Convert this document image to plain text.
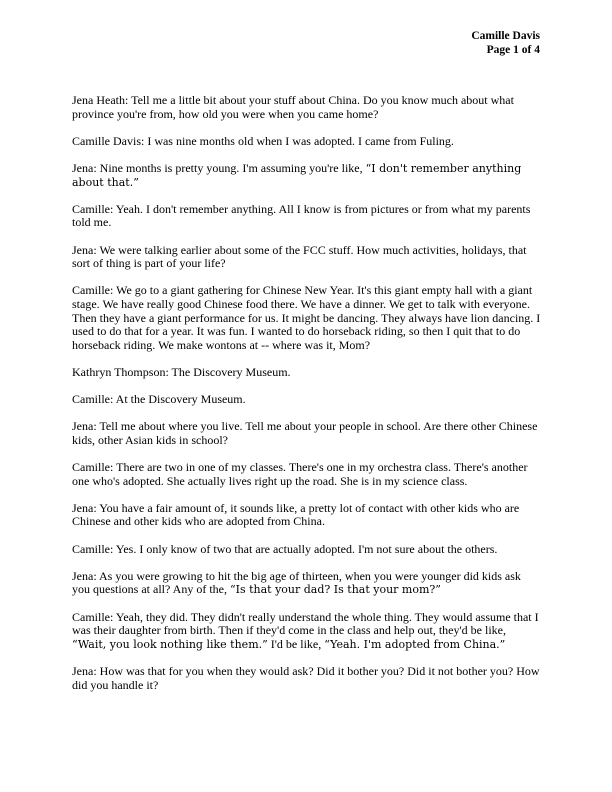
Camille Davis
Page 1 of 4

Jena Heath: Tell me a little bit about your stuff about China. Do you know much about what province you're from, how old you were when you came home?

Camille Davis: I was nine months old when I was adopted. I came from Fuling.

Jena: Nine months is pretty young. I'm assuming you're like, “I don't remember anything about that.”

Camille: Yeah. I don't remember anything. All I know is from pictures or from what my parents told me.

Jena: We were talking earlier about some of the FCC stuff. How much activities, holidays, that sort of thing is part of your life?

Camille: We go to a giant gathering for Chinese New Year. It's this giant empty hall with a giant stage. We have really good Chinese food there. We have a dinner. We get to talk with everyone. Then they have a giant performance for us. It might be dancing. They always have lion dancing. I used to do that for a year. It was fun. I wanted to do horseback riding, so then I quit that to do horseback riding. We make wontons at -- where was it, Mom?

Kathryn Thompson: The Discovery Museum.

Camille: At the Discovery Museum.

Jena: Tell me about where you live. Tell me about your people in school. Are there other Chinese kids, other Asian kids in school?

Camille: There are two in one of my classes. There's one in my orchestra class. There's another one who's adopted. She actually lives right up the road. She is in my science class.

Jena: You have a fair amount of, it sounds like, a pretty lot of contact with other kids who are Chinese and other kids who are adopted from China.

Camille: Yes. I only know of two that are actually adopted. I'm not sure about the others.

Jena: As you were growing to hit the big age of thirteen, when you were younger did kids ask you questions at all? Any of the, “Is that your dad? Is that your mom?”

Camille: Yeah, they did. They didn't really understand the whole thing. They would assume that I was their daughter from birth. Then if they'd come in the class and help out, they'd be like, “Wait, you look nothing like them.” I'd be like, “Yeah. I'm adopted from China.”

Jena: How was that for you when they would ask? Did it bother you? Did it not bother you? How did you handle it?
